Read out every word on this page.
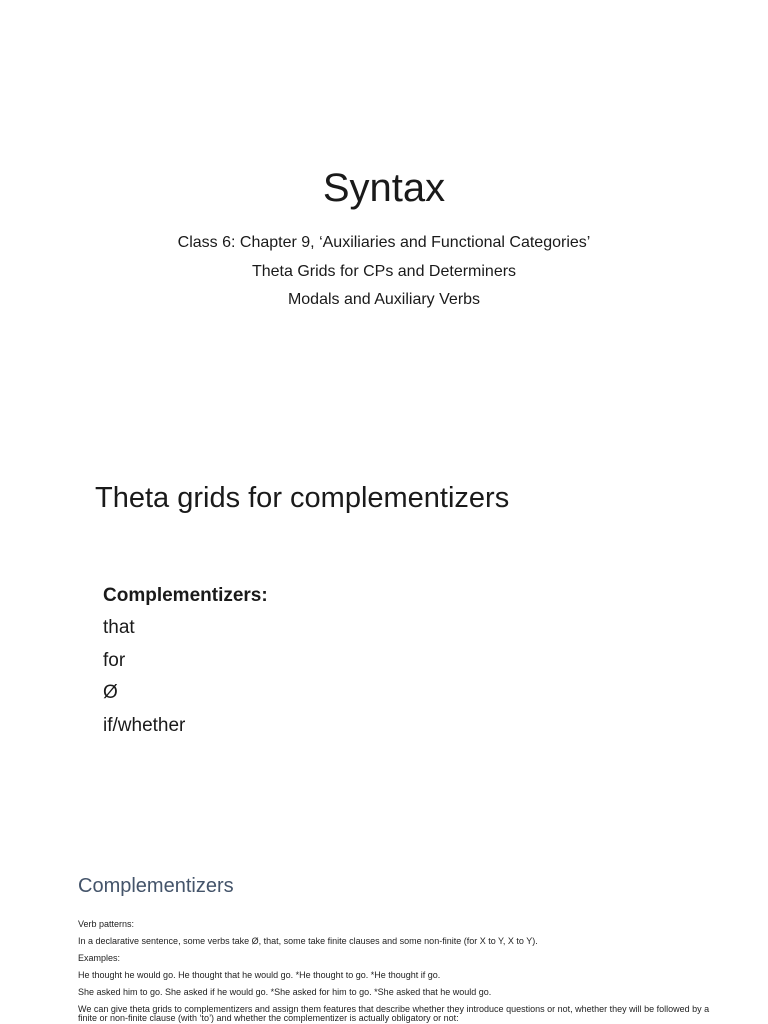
Syntax
Class 6: Chapter 9, ‘Auxiliaries and Functional Categories’
Theta Grids for CPs and Determiners
Modals and Auxiliary Verbs
Theta grids for complementizers
Complementizers:
that
for
Ø
if/whether
Complementizers
Verb patterns:
In a declarative sentence, some verbs take Ø, that, some take finite clauses and some non-finite (for X to Y, X to Y).
Examples:
He thought he would go. He thought that he would go. *He thought to go. *He thought if go.
She asked him to go. She asked if he would go. *She asked for him to go. *She asked that he would go.
We can give theta grids to complementizers and assign them features that describe whether they introduce questions or not, whether they will be followed by a finite or non-finite clause (with ‘to’) and whether the complementizer is actually obligatory or not:
